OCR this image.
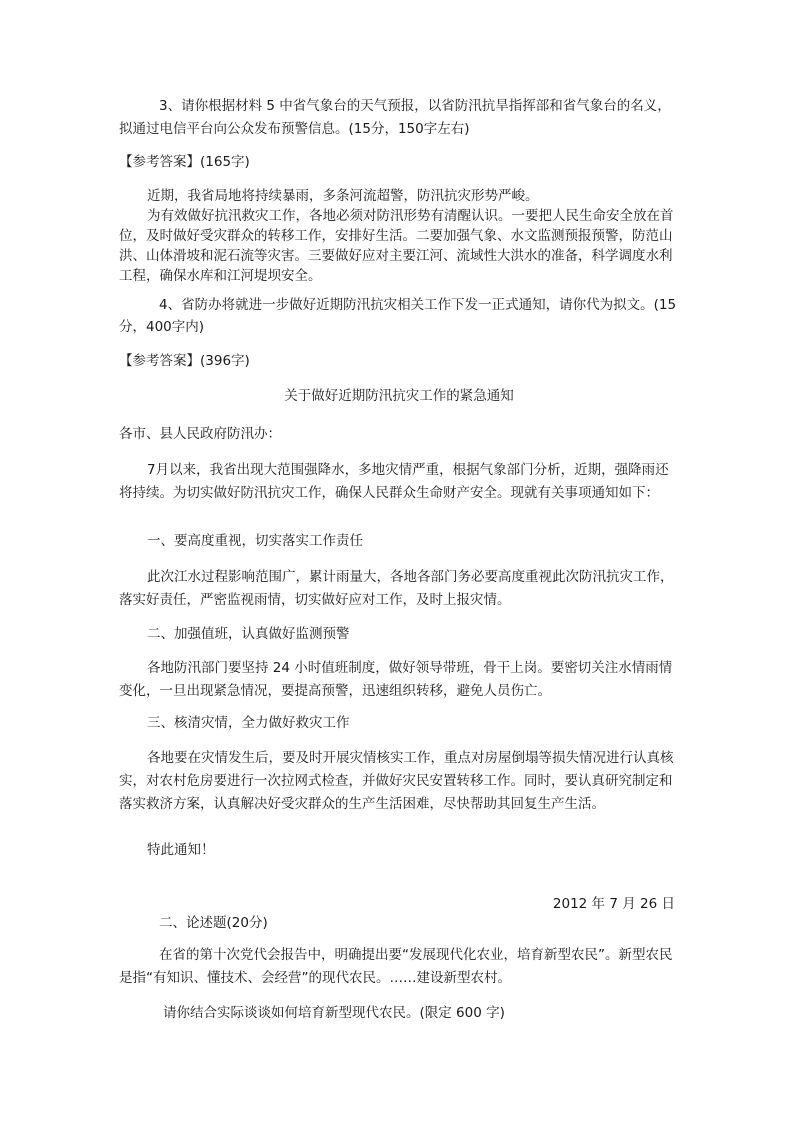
3、请你根据材料 5 中省气象台的天气预报，以省防汛抗旱指挥部和省气象台的名义，拟通过电信平台向公众发布预警信息。(15分，150字左右)

【参考答案】(165字)

近期，我省局地将持续暴雨，多条河流超警，防汛抗灾形势严峻。

为有效做好抗汛救灾工作，各地必须对防汛形势有清醒认识。一要把人民生命安全放在首位，及时做好受灾群众的转移工作，安排好生活。二要加强气象、水文监测预报预警，防范山洪、山体滑坡和泥石流等灾害。三要做好应对主要江河、流域性大洪水的准备，科学调度水利工程，确保水库和江河堤坝安全。

4、省防办将就进一步做好近期防汛抗灾相关工作下发一正式通知，请你代为拟文。(15分，400字内)

【参考答案】(396字)

关于做好近期防汛抗灾工作的紧急通知

各市、县人民政府防汛办：

7月以来，我省出现大范围强降水，多地灾情严重，根据气象部门分析，近期，强降雨还将持续。为切实做好防汛抗灾工作，确保人民群众生命财产安全。现就有关事项通知如下：

一、要高度重视，切实落实工作责任

此次江水过程影响范围广，累计雨量大，各地各部门务必要高度重视此次防汛抗灾工作，落实好责任，严密监视雨情，切实做好应对工作，及时上报灾情。

二、加强值班，认真做好监测预警

各地防汛部门要坚持 24 小时值班制度，做好领导带班，骨干上岗。要密切关注水情雨情变化，一旦出现紧急情况，要提高预警，迅速组织转移，避免人员伤亡。

三、核清灾情，全力做好救灾工作

各地要在灾情发生后，要及时开展灾情核实工作，重点对房屋倒塌等损失情况进行认真核实，对农村危房要进行一次拉网式检查，并做好灾民安置转移工作。同时，要认真研究制定和落实救济方案，认真解决好受灾群众的生产生活困难，尽快帮助其回复生产生活。

特此通知！

2012 年 7 月 26 日

二、论述题(20分)

在省的第十次党代会报告中，明确提出要“发展现代化农业，培育新型农民”。新型农民是指“有知识、懂技术、会经营”的现代农民。……建设新型农村。

请你结合实际谈谈如何培育新型现代农民。(限定 600 字)
